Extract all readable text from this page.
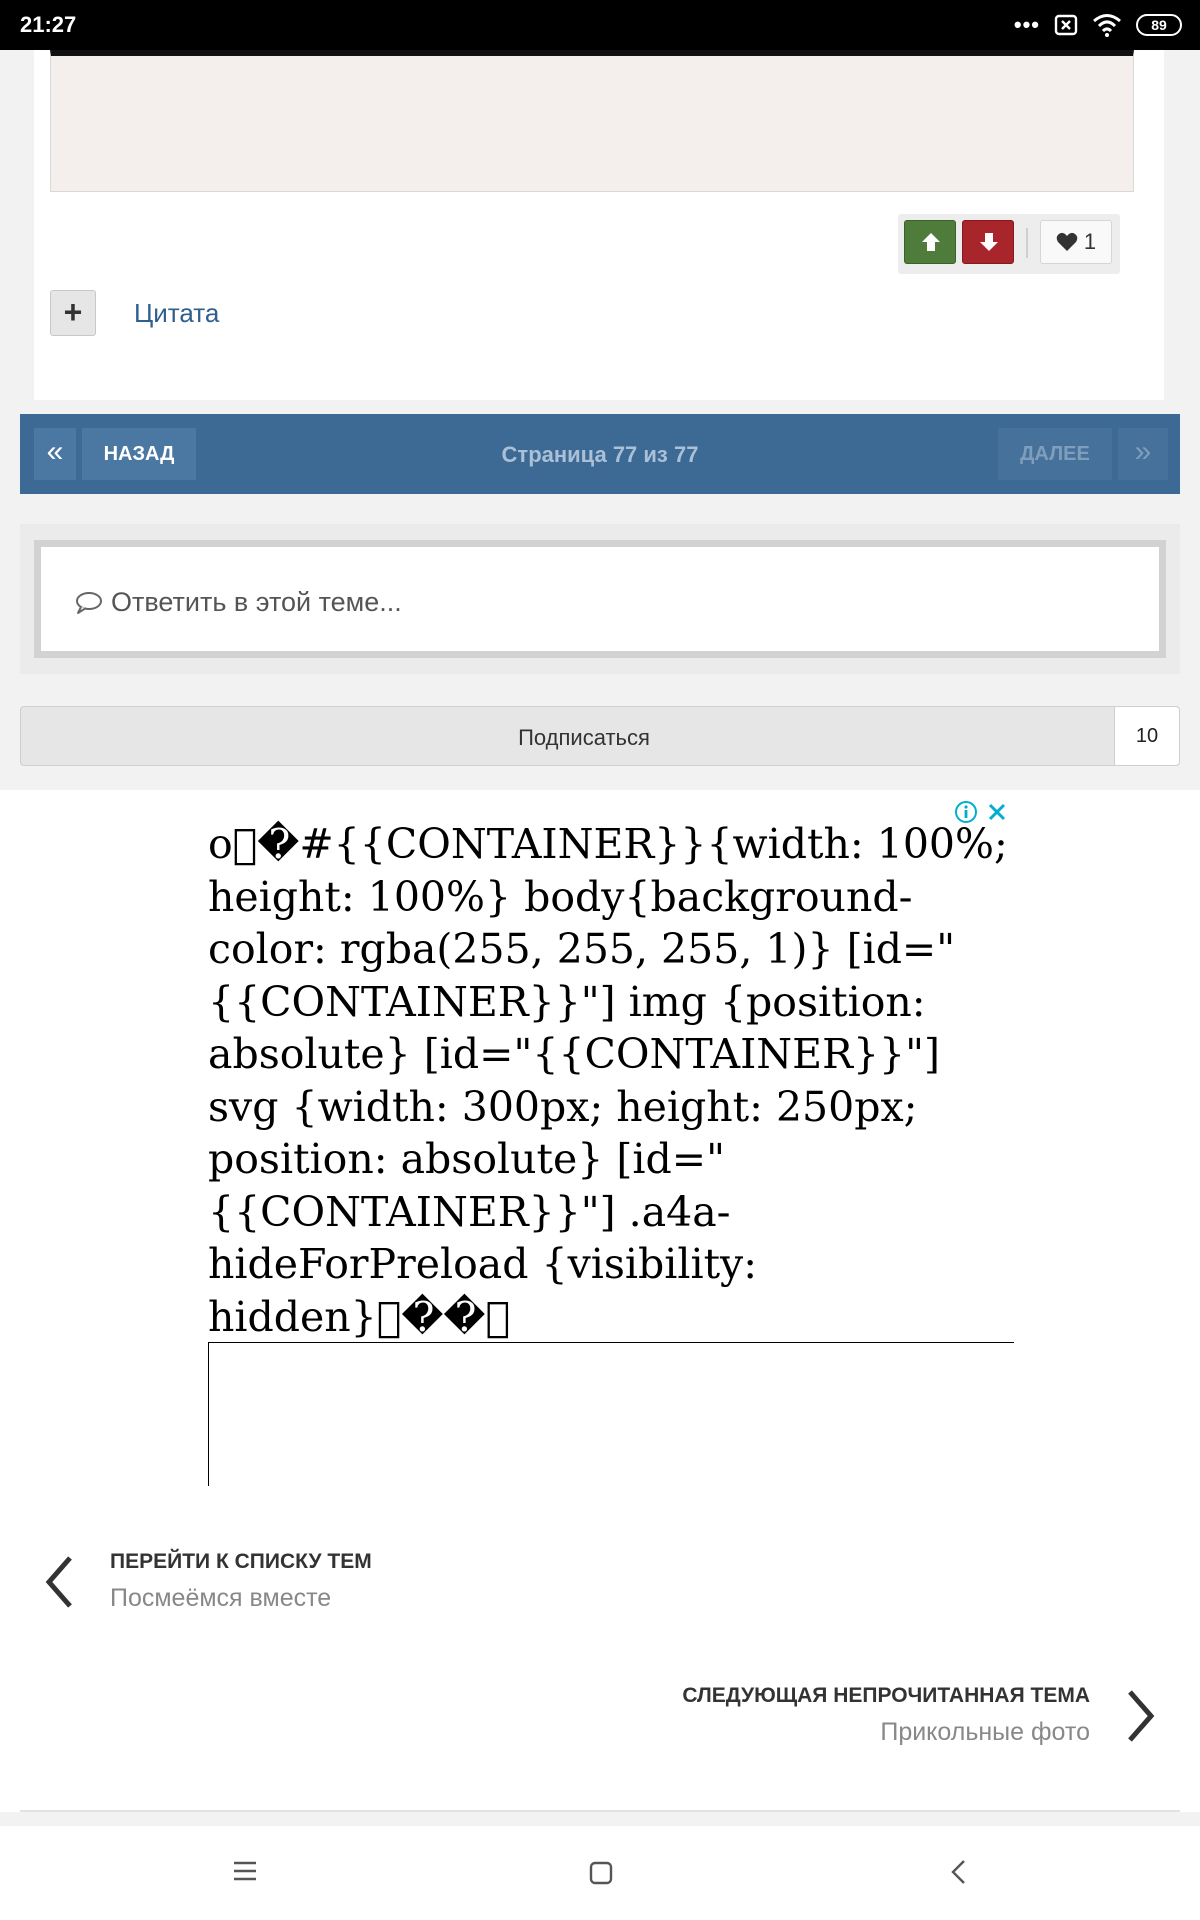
21:27	•••	89
1
+	Цитата
«	НАЗАД	Страница 77 из 77	ДАЛЕЕ	»
Ответить в этой теме...
Подписаться	10
o �#{{CONTAINER}}{width: 100%; height: 100%} body{background-color: rgba(255, 255, 255, 1)} [id="{{CONTAINER}}"] img {position: absolute} [id="{{CONTAINER}}"] svg {width: 300px; height: 250px; position: absolute} [id="{{CONTAINER}}"] .a4a-hideForPreload {visibility: hidden} �� 
ПЕРЕЙТИ К СПИСКУ ТЕМ
Посмеёмся вместе
СЛЕДУЮЩАЯ НЕПРОЧИТАННАЯ ТЕМА
Прикольные фото
